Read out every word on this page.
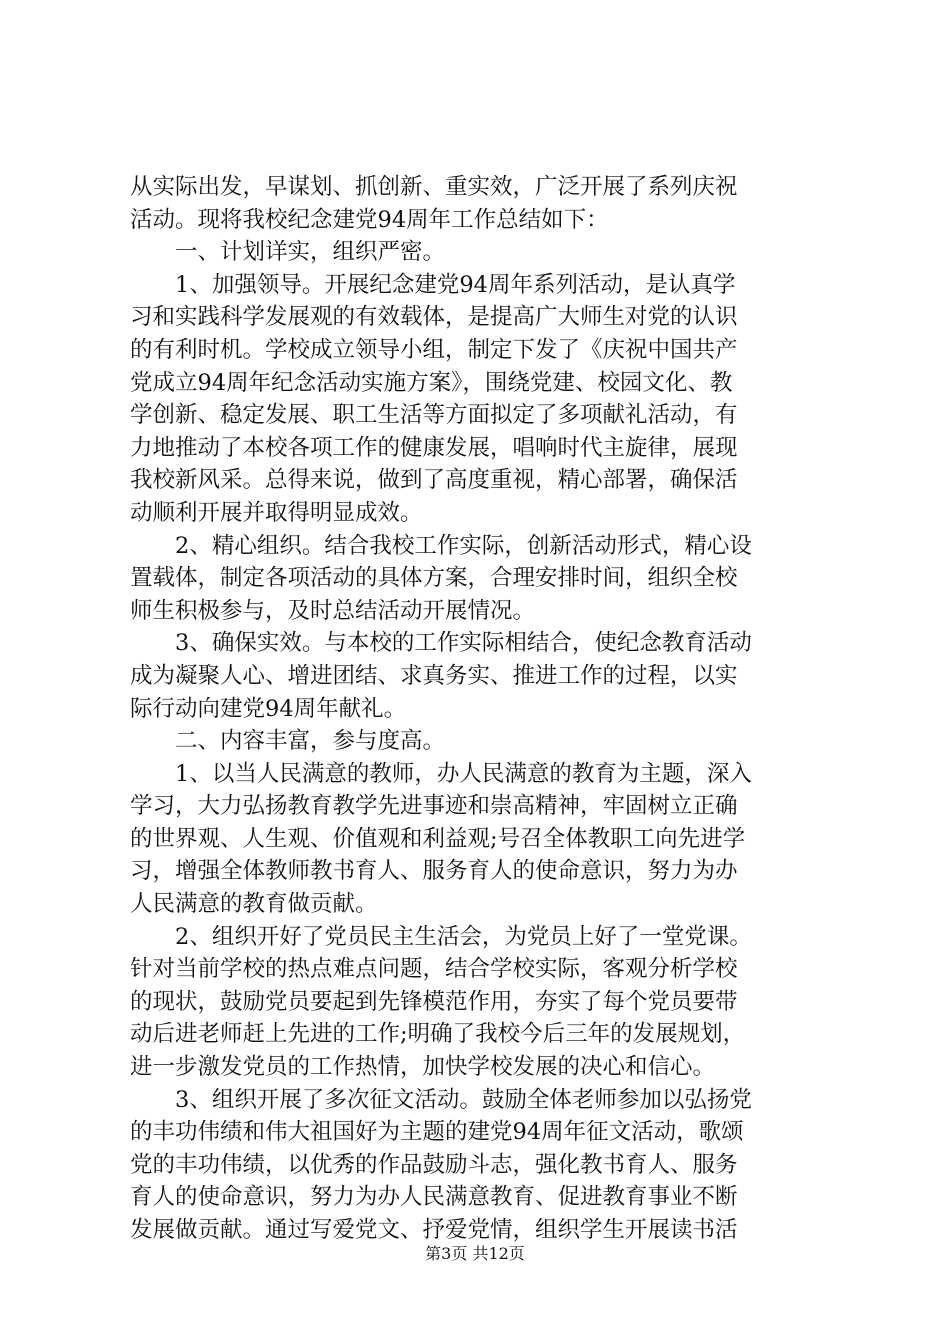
从实际出发，早谋划、抓创新、重实效，广泛开展了系列庆祝
活动。现将我校纪念建党94周年工作总结如下：
一、计划详实，组织严密。
1、加强领导。开展纪念建党94周年系列活动，是认真学
习和实践科学发展观的有效载体，是提高广大师生对党的认识
的有利时机。学校成立领导小组，制定下发了《庆祝中国共产
党成立94周年纪念活动实施方案》，围绕党建、校园文化、教
学创新、稳定发展、职工生活等方面拟定了多项献礼活动，有
力地推动了本校各项工作的健康发展，唱响时代主旋律，展现
我校新风采。总得来说，做到了高度重视，精心部署，确保活
动顺利开展并取得明显成效。
2、精心组织。结合我校工作实际，创新活动形式，精心设
置载体，制定各项活动的具体方案，合理安排时间，组织全校
师生积极参与，及时总结活动开展情况。
3、确保实效。与本校的工作实际相结合，使纪念教育活动
成为凝聚人心、增进团结、求真务实、推进工作的过程，以实
际行动向建党94周年献礼。
二、内容丰富，参与度高。
1、以当人民满意的教师，办人民满意的教育为主题，深入
学习，大力弘扬教育教学先进事迹和崇高精神，牢固树立正确
的世界观、人生观、价值观和利益观;号召全体教职工向先进学
习，增强全体教师教书育人、服务育人的使命意识，努力为办
人民满意的教育做贡献。
2、组织开好了党员民主生活会，为党员上好了一堂党课。
针对当前学校的热点难点问题，结合学校实际，客观分析学校
的现状，鼓励党员要起到先锋模范作用，夯实了每个党员要带
动后进老师赶上先进的工作;明确了我校今后三年的发展规划，
进一步激发党员的工作热情，加快学校发展的决心和信心。
3、组织开展了多次征文活动。鼓励全体老师参加以弘扬党
的丰功伟绩和伟大祖国好为主题的建党94周年征文活动，歌颂
党的丰功伟绩，以优秀的作品鼓励斗志，强化教书育人、服务
育人的使命意识，努力为办人民满意教育、促进教育事业不断
发展做贡献。通过写爱党文、抒爱党情，组织学生开展读书活
第3页 共12页
